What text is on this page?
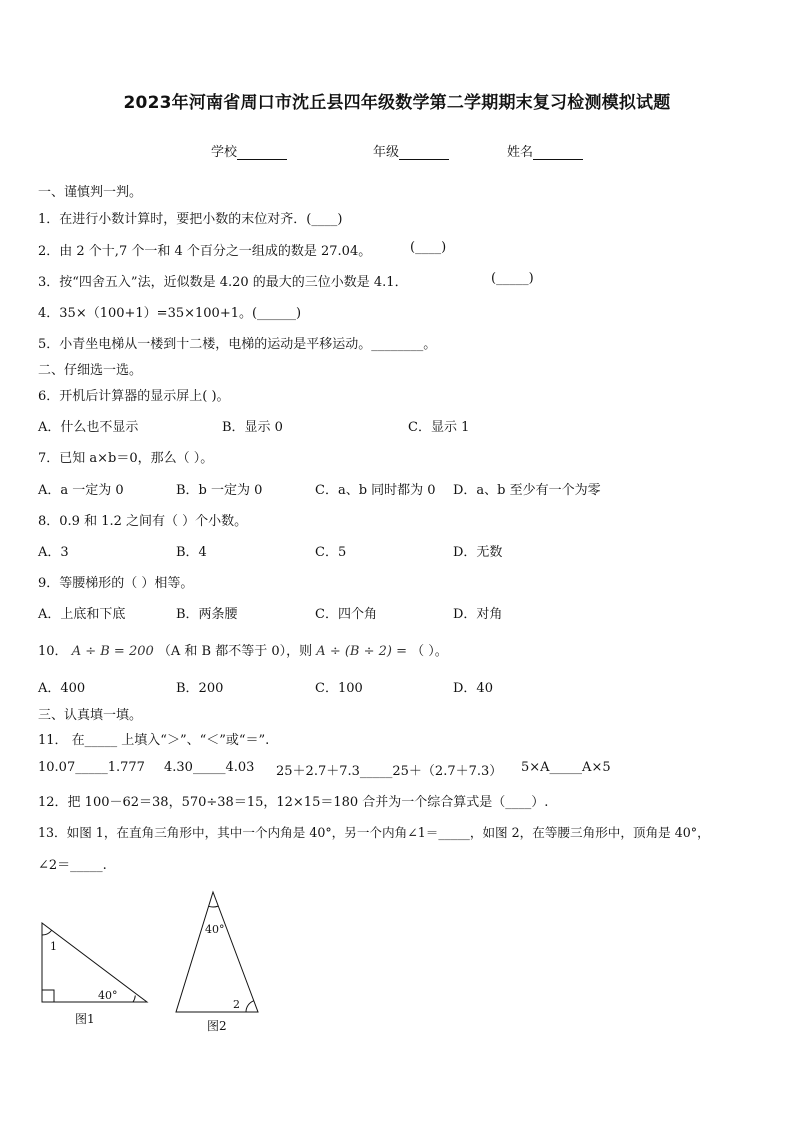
2023年河南省周口市沈丘县四年级数学第二学期期末复习检测模拟试题
学校	年级	姓名
一、谨慎判一判。
1．在进行小数计算时，要把小数的末位对齐．(____)
2．由 2 个十,7 个一和 4 个百分之一组成的数是 27.04。	(____)
3．按“四舍五入”法，近似数是 4.20 的最大的三位小数是 4.1．	(_____)
4．35×（100+1）=35×100+1。(______)
5．小青坐电梯从一楼到十二楼，电梯的运动是平移运动。________。
二、仔细选一选。
6．开机后计算器的显示屏上( )。
A．什么也不显示	B．显示 0	C．显示 1
7．已知 a×b＝0，那么（ ）。
A．a 一定为 0	B．b 一定为 0	C．a、b 同时都为 0 D．a、b 至少有一个为零
8．0.9 和 1.2 之间有（ ）个小数。
A．3	B．4	C．5	D．无数
9．等腰梯形的（ ）相等。
A．上底和下底	B．两条腰	C．四个角	D．对角
10． A ÷ B = 200 （A 和 B 都不等于 0），则 A ÷ (B ÷ 2) = （ ）。
A．400	B．200	C．100	D．40
三、认真填一填。
11． 在_____ 上填入“＞”、“＜”或“＝”.
10.07_____1.777 4.30_____4.03 25＋2.7＋7.3_____25＋（2.7＋7.3） 5×A_____A×5
12．把 100－62＝38，570÷38＝15，12×15＝180 合并为一个综合算式是（____）.
13．如图 1，在直角三角形中，其中一个内角是 40°，另一个内角∠1＝_____，如图 2，在等腰三角形中，顶角是 40°，
∠2＝_____.
1
40°
图1
40°
2
图2
